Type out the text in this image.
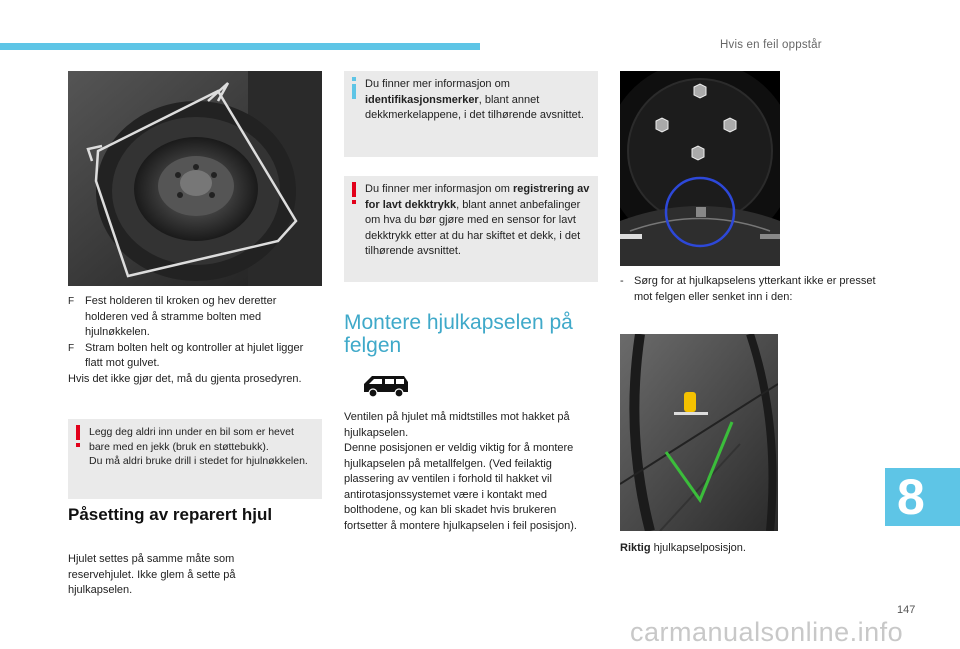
Hvis en feil oppstår
F Fest holderen til kroken og hev deretter holderen ved å stramme bolten med hjulnøkkelen.
F Stram bolten helt og kontroller at hjulet ligger flatt mot gulvet.
Hvis det ikke gjør det, må du gjenta prosedyren.
Legg deg aldri inn under en bil som er hevet bare med en jekk (bruk en støttebukk).
Du må aldri bruke drill i stedet for hjulnøkkelen.
Påsetting av reparert hjul
Hjulet settes på samme måte som reservehjulet. Ikke glem å sette på hjulkapselen.
Du finner mer informasjon om identifikasjonsmerker, blant annet dekkmerkelappene, i det tilhørende avsnittet.
Du finner mer informasjon om registrering av for lavt dekktrykk, blant annet anbefalinger om hva du bør gjøre med en sensor for lavt dekktrykk etter at du har skiftet et dekk, i det tilhørende avsnittet.
Montere hjulkapselen på felgen
Ventilen på hjulet må midtstilles mot hakket på hjulkapselen.
Denne posisjonen er veldig viktig for å montere hjulkapselen på metallfelgen. (Ved feilaktig plassering av ventilen i forhold til hakket vil antirotasjonssystemet være i kontakt med bolthodene, og kan bli skadet hvis brukeren fortsetter å montere hjulkapselen i feil posisjon).
- Sørg for at hjulkapselens ytterkant ikke er presset mot felgen eller senket inn i den:
Riktig hjulkapselposisjon.
8
147
carmanualsonline.info
